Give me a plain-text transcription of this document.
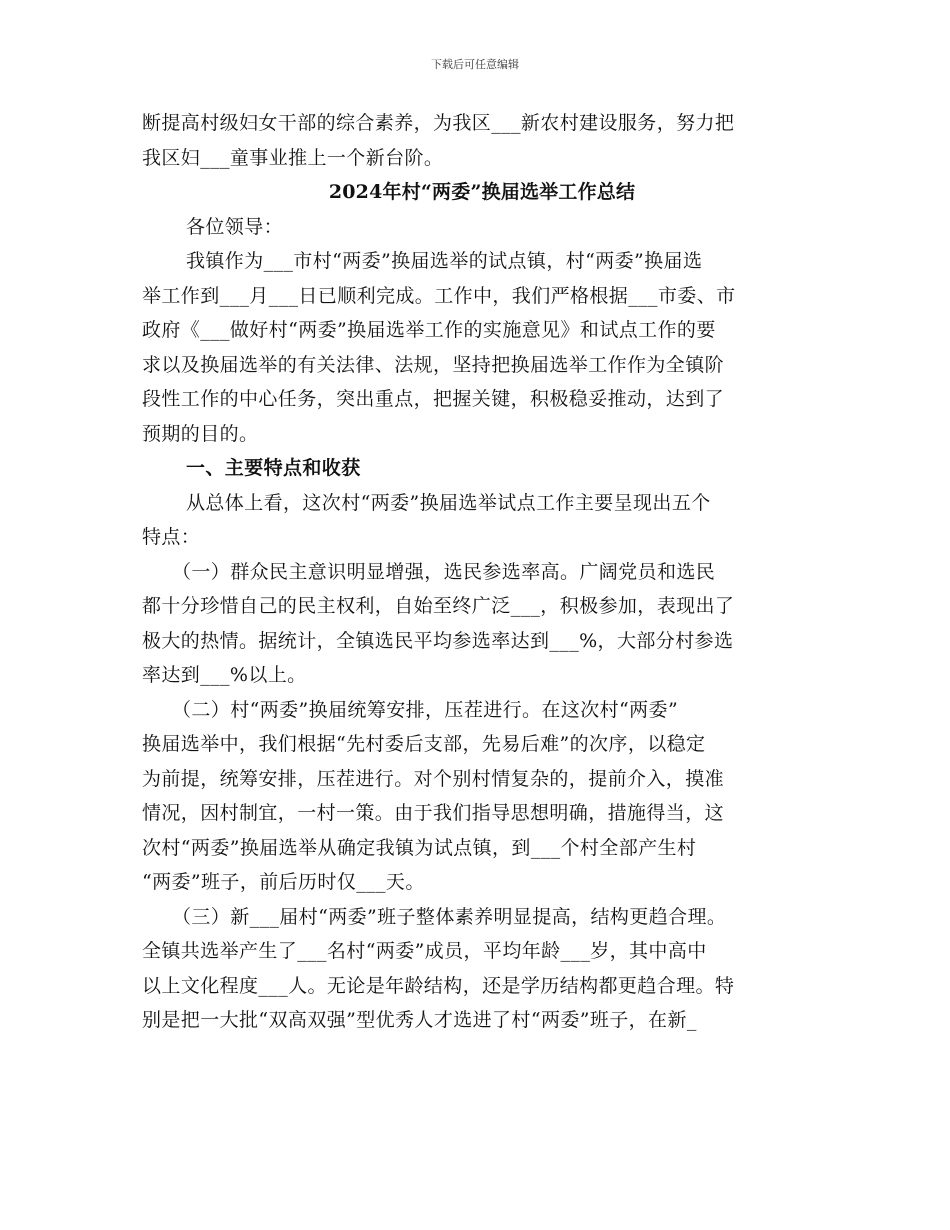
下载后可任意编辑
断提高村级妇女干部的综合素养，为我区___新农村建设服务，努力把
我区妇___童事业推上一个新台阶。
2024年村“两委”换届选举工作总结
各位领导：
我镇作为___市村“两委”换届选举的试点镇，村“两委”换届选
举工作到___月___日已顺利完成。工作中，我们严格根据___市委、市
政府《___做好村“两委”换届选举工作的实施意见》和试点工作的要
求以及换届选举的有关法律、法规，坚持把换届选举工作作为全镇阶
段性工作的中心任务，突出重点，把握关键，积极稳妥推动，达到了
预期的目的。
一、主要特点和收获
从总体上看，这次村“两委”换届选举试点工作主要呈现出五个
特点：
（一）群众民主意识明显增强，选民参选率高。广阔党员和选民
都十分珍惜自己的民主权利，自始至终广泛___，积极参加，表现出了
极大的热情。据统计，全镇选民平均参选率达到___%，大部分村参选
率达到___%以上。
（二）村“两委”换届统筹安排，压茬进行。在这次村“两委”
换届选举中，我们根据“先村委后支部，先易后难”的次序，以稳定
为前提，统筹安排，压茬进行。对个别村情复杂的，提前介入，摸准
情况，因村制宜，一村一策。由于我们指导思想明确，措施得当，这
次村“两委”换届选举从确定我镇为试点镇，到___个村全部产生村
“两委”班子，前后历时仅___天。
（三）新___届村“两委”班子整体素养明显提高，结构更趋合理。
全镇共选举产生了___名村“两委”成员，平均年龄___岁，其中高中
以上文化程度___人。无论是年龄结构，还是学历结构都更趋合理。特
别是把一大批“双高双强”型优秀人才选进了村“两委”班子，在新_
